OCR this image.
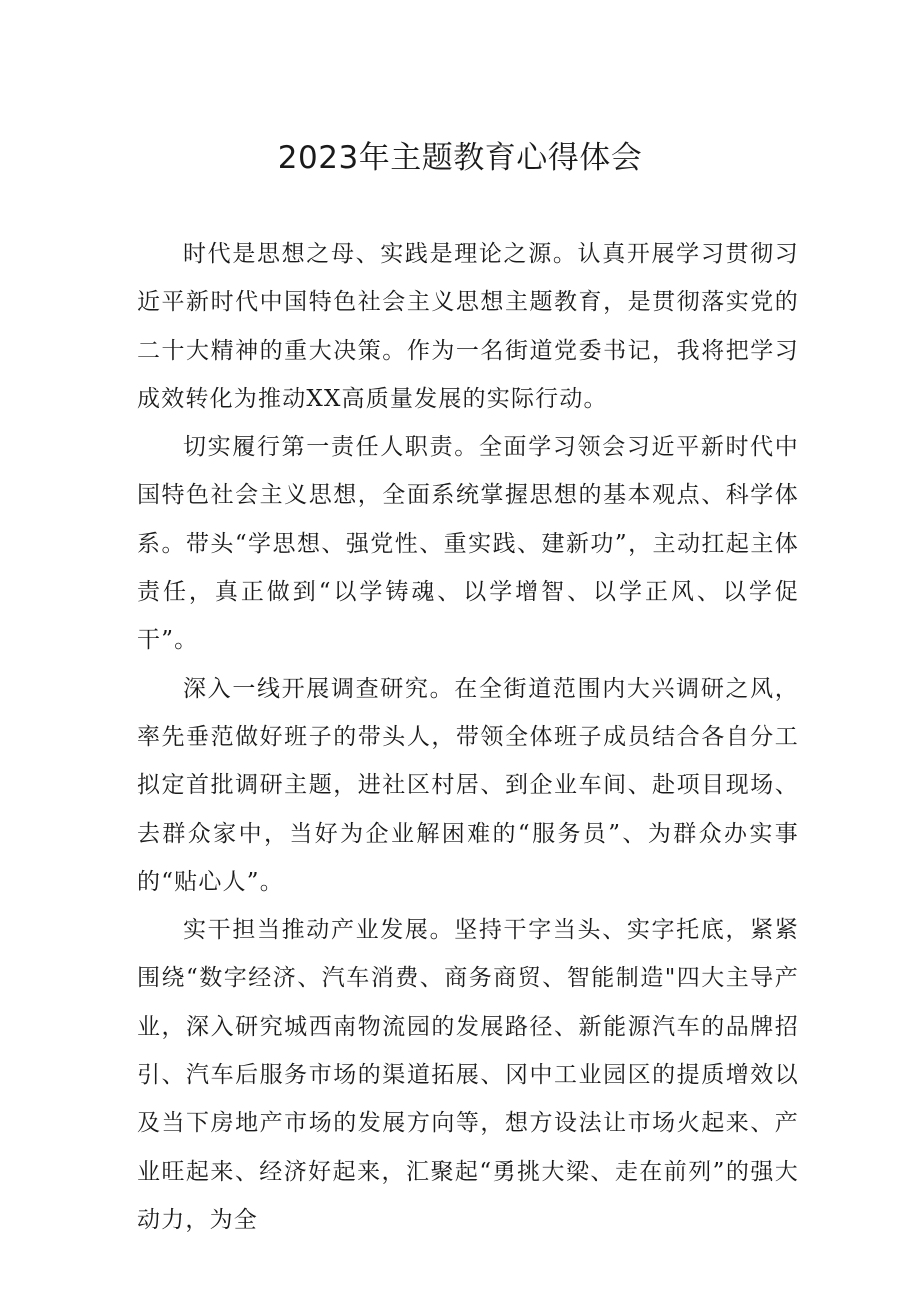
2023年主题教育心得体会

时代是思想之母、实践是理论之源。认真开展学习贯彻习近平新时代中国特色社会主义思想主题教育，是贯彻落实党的二十大精神的重大决策。作为一名街道党委书记，我将把学习成效转化为推动XX高质量发展的实际行动。

切实履行第一责任人职责。全面学习领会习近平新时代中国特色社会主义思想，全面系统掌握思想的基本观点、科学体系。带头“学思想、强党性、重实践、建新功”，主动扛起主体责任，真正做到“以学铸魂、以学增智、以学正风、以学促干”。

深入一线开展调查研究。在全街道范围内大兴调研之风，率先垂范做好班子的带头人，带领全体班子成员结合各自分工拟定首批调研主题，进社区村居、到企业车间、赴项目现场、去群众家中，当好为企业解困难的“服务员”、为群众办实事的“贴心人”。

实干担当推动产业发展。坚持干字当头、实字托底，紧紧围绕“数字经济、汽车消费、商务商贸、智能制造"四大主导产业，深入研究城西南物流园的发展路径、新能源汽车的品牌招引、汽车后服务市场的渠道拓展、冈中工业园区的提质增效以及当下房地产市场的发展方向等，想方设法让市场火起来、产业旺起来、经济好起来，汇聚起“勇挑大梁、走在前列”的强大动力，为全
